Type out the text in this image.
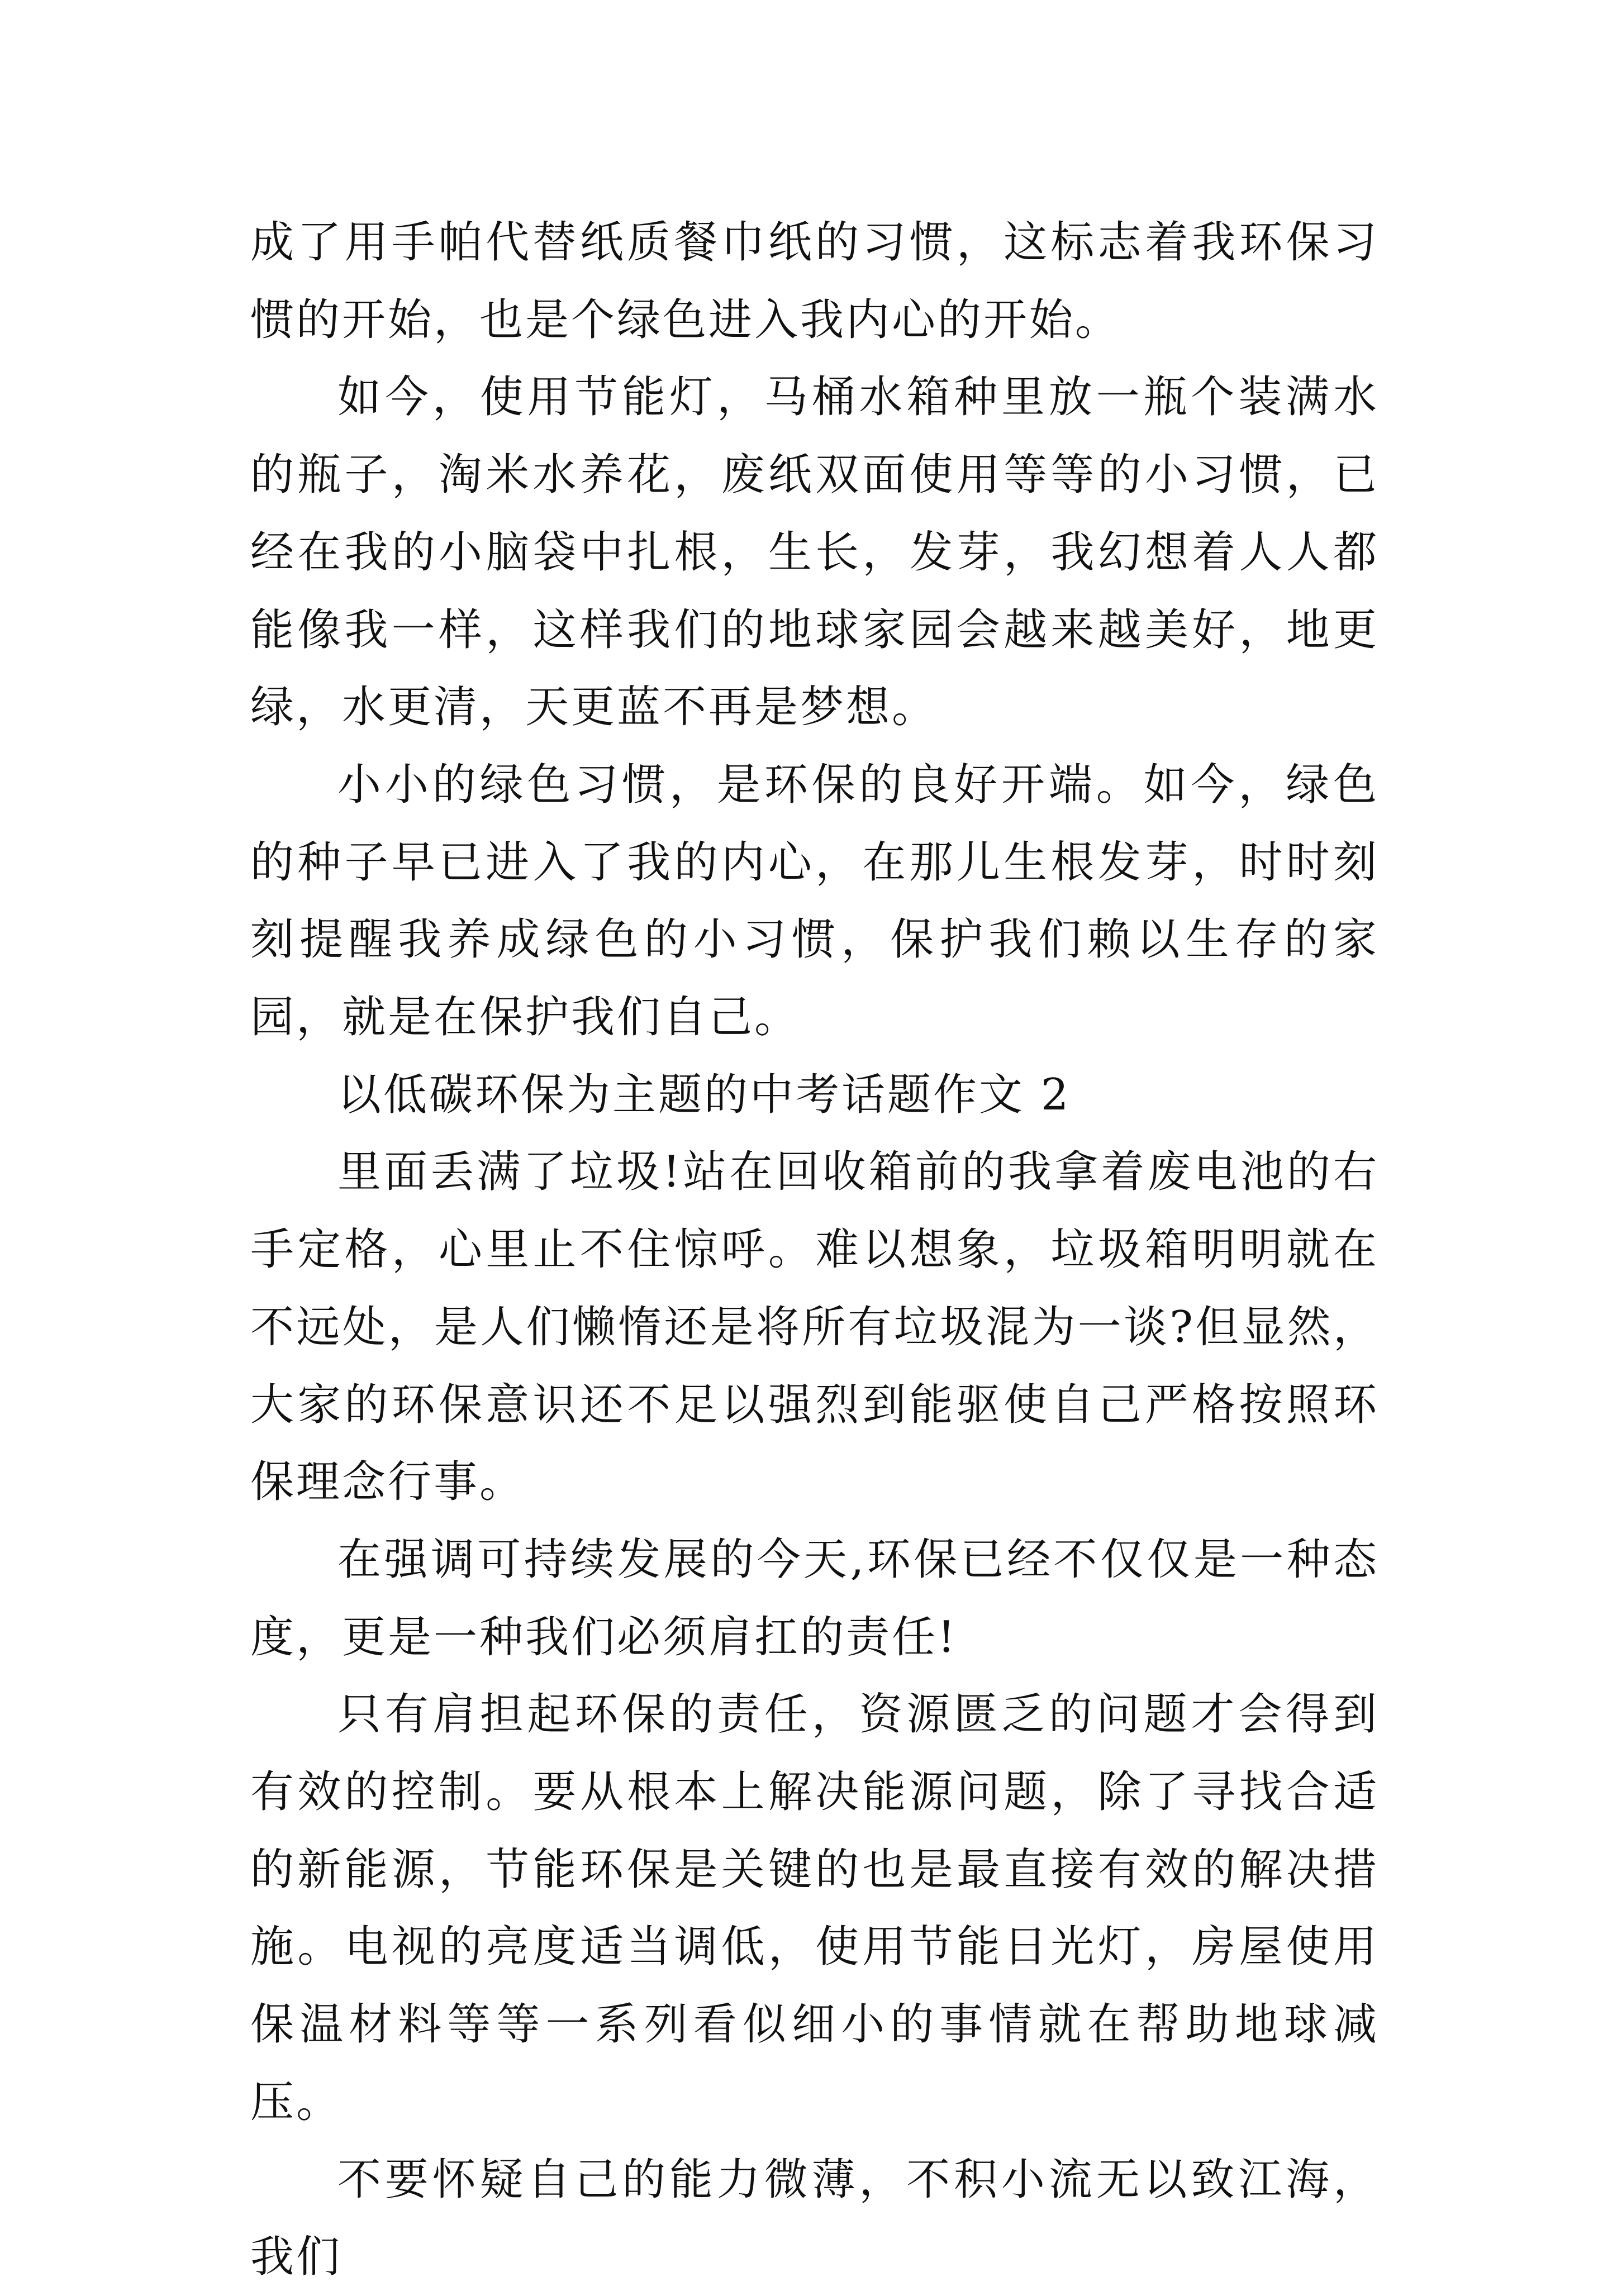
成了用手帕代替纸质餐巾纸的习惯，这标志着我环保习惯的开始，也是个绿色进入我内心的开始。

如今，使用节能灯，马桶水箱种里放一瓶个装满水的瓶子，淘米水养花，废纸双面使用等等的小习惯，已经在我的小脑袋中扎根，生长，发芽，我幻想着人人都能像我一样，这样我们的地球家园会越来越美好，地更绿，水更清，天更蓝不再是梦想。

小小的绿色习惯，是环保的良好开端。如今，绿色的种子早已进入了我的内心，在那儿生根发芽，时时刻刻提醒我养成绿色的小习惯，保护我们赖以生存的家园，就是在保护我们自己。

以低碳环保为主题的中考话题作文 2

里面丢满了垃圾!站在回收箱前的我拿着废电池的右手定格，心里止不住惊呼。难以想象，垃圾箱明明就在不远处，是人们懒惰还是将所有垃圾混为一谈?但显然，大家的环保意识还不足以强烈到能驱使自己严格按照环保理念行事。

在强调可持续发展的今天,环保已经不仅仅是一种态度，更是一种我们必须肩扛的责任!

只有肩担起环保的责任，资源匮乏的问题才会得到有效的控制。要从根本上解决能源问题，除了寻找合适的新能源，节能环保是关键的也是最直接有效的解决措施。电视的亮度适当调低，使用节能日光灯，房屋使用保温材料等等一系列看似细小的事情就在帮助地球减压。

不要怀疑自己的能力微薄，不积小流无以致江海，我们
